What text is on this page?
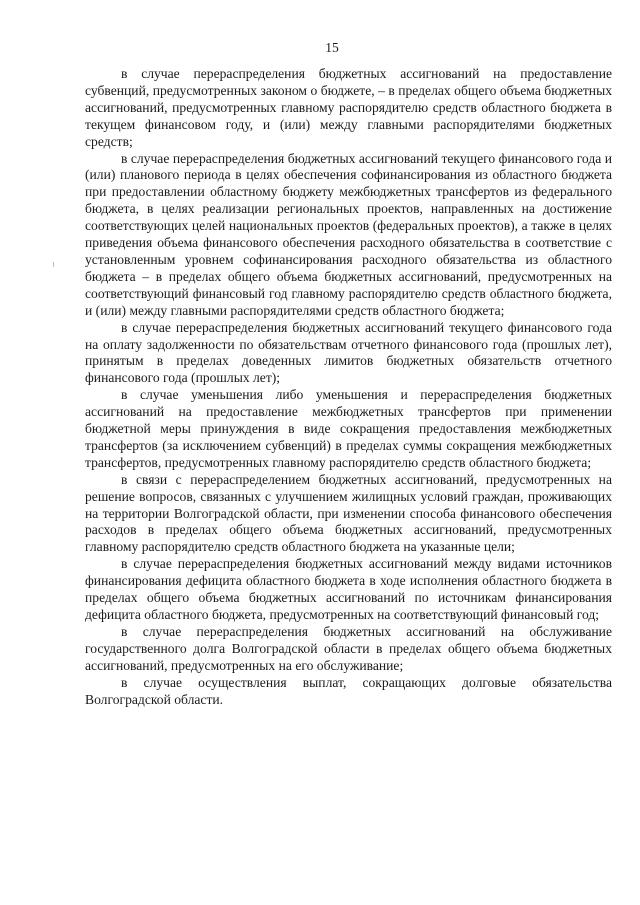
15

в случае перераспределения бюджетных ассигнований на предоставление субвенций, предусмотренных законом о бюджете, – в пределах общего объема бюджетных ассигнований, предусмотренных главному распорядителю средств областного бюджета в текущем финансовом году, и (или) между главными распорядителями бюджетных средств;

в случае перераспределения бюджетных ассигнований текущего финансового года и (или) планового периода в целях обеспечения софинансирования из областного бюджета при предоставлении областному бюджету межбюджетных трансфертов из федерального бюджета, в целях реализации региональных проектов, направленных на достижение соответствующих целей национальных проектов (федеральных проектов), а также в целях приведения объема финансового обеспечения расходного обязательства в соответствие с установленным уровнем софинансирования расходного обязательства из областного бюджета – в пределах общего объема бюджетных ассигнований, предусмотренных на соответствующий финансовый год главному распорядителю средств областного бюджета, и (или) между главными распорядителями средств областного бюджета;

в случае перераспределения бюджетных ассигнований текущего финансового года на оплату задолженности по обязательствам отчетного финансового года (прошлых лет), принятым в пределах доведенных лимитов бюджетных обязательств отчетного финансового года (прошлых лет);

в случае уменьшения либо уменьшения и перераспределения бюджетных ассигнований на предоставление межбюджетных трансфертов при применении бюджетной меры принуждения в виде сокращения предоставления межбюджетных трансфертов (за исключением субвенций) в пределах суммы сокращения межбюджетных трансфертов, предусмотренных главному распорядителю средств областного бюджета;

в связи с перераспределением бюджетных ассигнований, предусмотренных на решение вопросов, связанных с улучшением жилищных условий граждан, проживающих на территории Волгоградской области, при изменении способа финансового обеспечения расходов в пределах общего объема бюджетных ассигнований, предусмотренных главному распорядителю средств областного бюджета на указанные цели;

в случае перераспределения бюджетных ассигнований между видами источников финансирования дефицита областного бюджета в ходе исполнения областного бюджета в пределах общего объема бюджетных ассигнований по источникам финансирования дефицита областного бюджета, предусмотренных на соответствующий финансовый год;

в случае перераспределения бюджетных ассигнований на обслуживание государственного долга Волгоградской области в пределах общего объема бюджетных ассигнований, предусмотренных на его обслуживание;

в случае осуществления выплат, сокращающих долговые обязательства Волгоградской области.
